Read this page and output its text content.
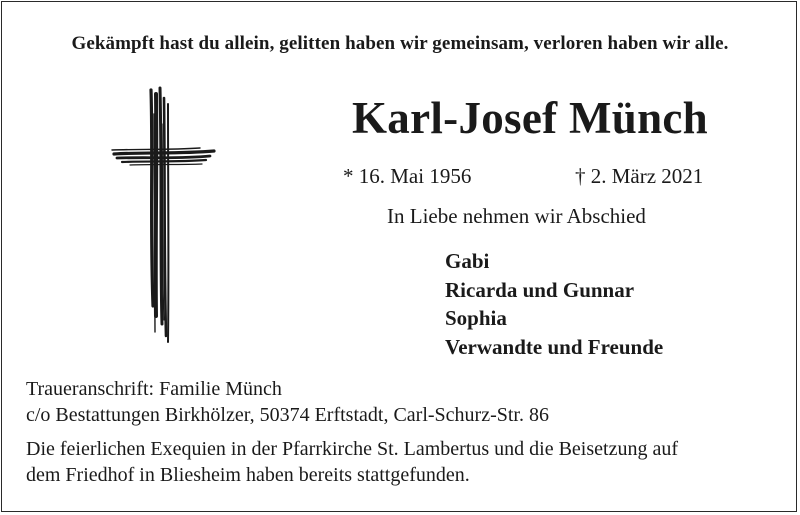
Gekämpft hast du allein, gelitten haben wir gemeinsam, verloren haben wir alle.
Karl-Josef Münch
* 16. Mai 1956	† 2. März 2021
In Liebe nehmen wir Abschied
Gabi
Ricarda und Gunnar
Sophia
Verwandte und Freunde
Traueranschrift: Familie Münch
c/o Bestattungen Birkhölzer, 50374 Erftstadt, Carl-Schurz-Str. 86
Die feierlichen Exequien in der Pfarrkirche St. Lambertus und die Beisetzung auf
dem Friedhof in Bliesheim haben bereits stattgefunden.
